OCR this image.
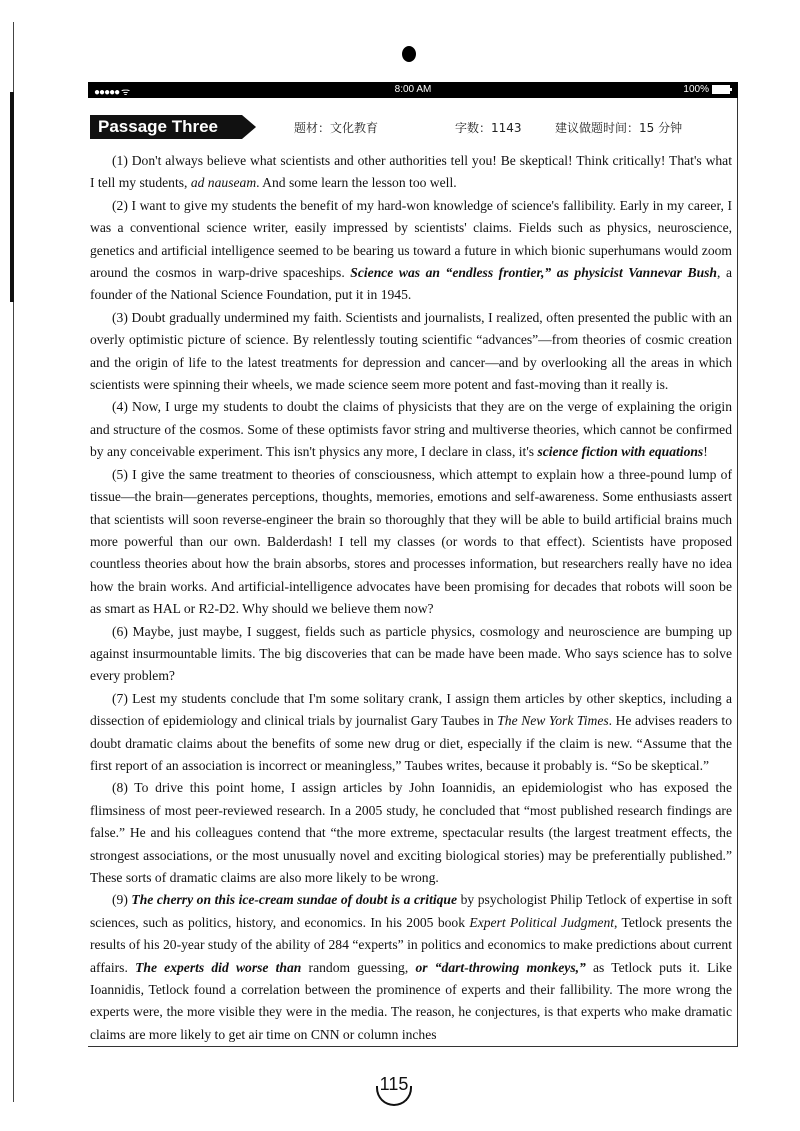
●●●●● ᯤ	8:00 AM	100%
Passage Three	题材：文化教育	字数：1143	建议做题时间：15 分钟

(1) Don't always believe what scientists and other authorities tell you! Be skeptical! Think critically! That's what I tell my students, ad nauseam. And some learn the lesson too well.

(2) I want to give my students the benefit of my hard-won knowledge of science's fallibility. Early in my career, I was a conventional science writer, easily impressed by scientists' claims. Fields such as physics, neuroscience, genetics and artificial intelligence seemed to be bearing us toward a future in which bionic superhumans would zoom around the cosmos in warp-drive spaceships. Science was an “endless frontier,” as physicist Vannevar Bush, a founder of the National Science Foundation, put it in 1945.

(3) Doubt gradually undermined my faith. Scientists and journalists, I realized, often presented the public with an overly optimistic picture of science. By relentlessly touting scientific “advances”—from theories of cosmic creation and the origin of life to the latest treatments for depression and cancer—and by overlooking all the areas in which scientists were spinning their wheels, we made science seem more potent and fast-moving than it really is.

(4) Now, I urge my students to doubt the claims of physicists that they are on the verge of explaining the origin and structure of the cosmos. Some of these optimists favor string and multiverse theories, which cannot be confirmed by any conceivable experiment. This isn't physics any more, I declare in class, it's science fiction with equations!

(5) I give the same treatment to theories of consciousness, which attempt to explain how a three-pound lump of tissue—the brain—generates perceptions, thoughts, memories, emotions and self-awareness. Some enthusiasts assert that scientists will soon reverse-engineer the brain so thoroughly that they will be able to build artificial brains much more powerful than our own. Balderdash! I tell my classes (or words to that effect). Scientists have proposed countless theories about how the brain absorbs, stores and processes information, but researchers really have no idea how the brain works. And artificial-intelligence advocates have been promising for decades that robots will soon be as smart as HAL or R2-D2. Why should we believe them now?

(6) Maybe, just maybe, I suggest, fields such as particle physics, cosmology and neuroscience are bumping up against insurmountable limits. The big discoveries that can be made have been made. Who says science has to solve every problem?

(7) Lest my students conclude that I'm some solitary crank, I assign them articles by other skeptics, including a dissection of epidemiology and clinical trials by journalist Gary Taubes in The New York Times. He advises readers to doubt dramatic claims about the benefits of some new drug or diet, especially if the claim is new. “Assume that the first report of an association is incorrect or meaningless,” Taubes writes, because it probably is. “So be skeptical.”

(8) To drive this point home, I assign articles by John Ioannidis, an epidemiologist who has exposed the flimsiness of most peer-reviewed research. In a 2005 study, he concluded that “most published research findings are false.” He and his colleagues contend that “the more extreme, spectacular results (the largest treatment effects, the strongest associations, or the most unusually novel and exciting biological stories) may be preferentially published.” These sorts of dramatic claims are also more likely to be wrong.

(9) The cherry on this ice-cream sundae of doubt is a critique by psychologist Philip Tetlock of expertise in soft sciences, such as politics, history, and economics. In his 2005 book Expert Political Judgment, Tetlock presents the results of his 20-year study of the ability of 284 “experts” in politics and economics to make predictions about current affairs. The experts did worse than random guessing, or “dart-throwing monkeys,” as Tetlock puts it. Like Ioannidis, Tetlock found a correlation between the prominence of experts and their fallibility. The more wrong the experts were, the more visible they were in the media. The reason, he conjectures, is that experts who make dramatic claims are more likely to get air time on CNN or column inches

115
